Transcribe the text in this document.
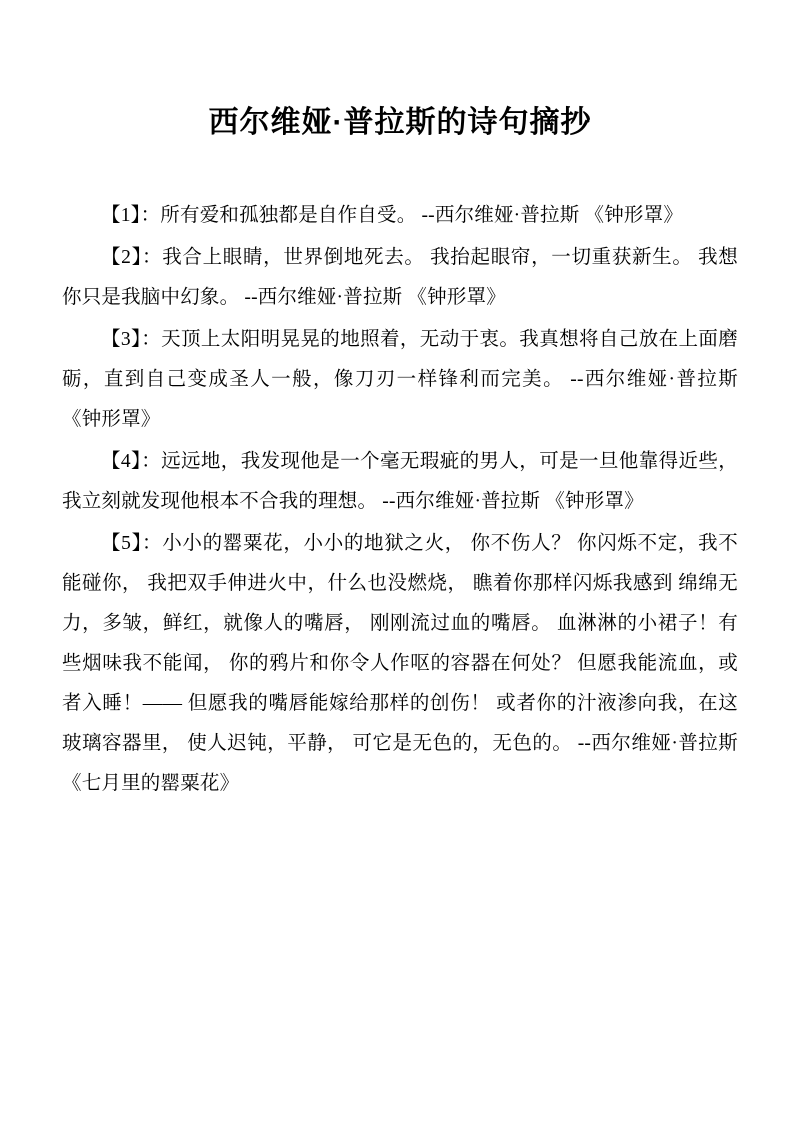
西尔维娅·普拉斯的诗句摘抄

【1】：所有爱和孤独都是自作自受。 --西尔维娅·普拉斯 《钟形罩》

【2】：我合上眼睛，世界倒地死去。 我抬起眼帘，一切重获新生。 我想你只是我脑中幻象。 --西尔维娅·普拉斯 《钟形罩》

【3】：天顶上太阳明晃晃的地照着，无动于衷。我真想将自己放在上面磨砺，直到自己变成圣人一般，像刀刃一样锋利而完美。 --西尔维娅·普拉斯 《钟形罩》

【4】：远远地，我发现他是一个毫无瑕疵的男人，可是一旦他靠得近些，我立刻就发现他根本不合我的理想。 --西尔维娅·普拉斯 《钟形罩》

【5】：小小的罂粟花，小小的地狱之火， 你不伤人？ 你闪烁不定，我不能碰你， 我把双手伸进火中，什么也没燃烧， 瞧着你那样闪烁我感到 绵绵无力，多皱，鲜红，就像人的嘴唇， 刚刚流过血的嘴唇。 血淋淋的小裙子！有些烟味我不能闻， 你的鸦片和你令人作呕的容器在何处？ 但愿我能流血，或者入睡！—— 但愿我的嘴唇能嫁给那样的创伤！ 或者你的汁液渗向我，在这玻璃容器里， 使人迟钝，平静， 可它是无色的，无色的。 --西尔维娅·普拉斯 《七月里的罂粟花》
